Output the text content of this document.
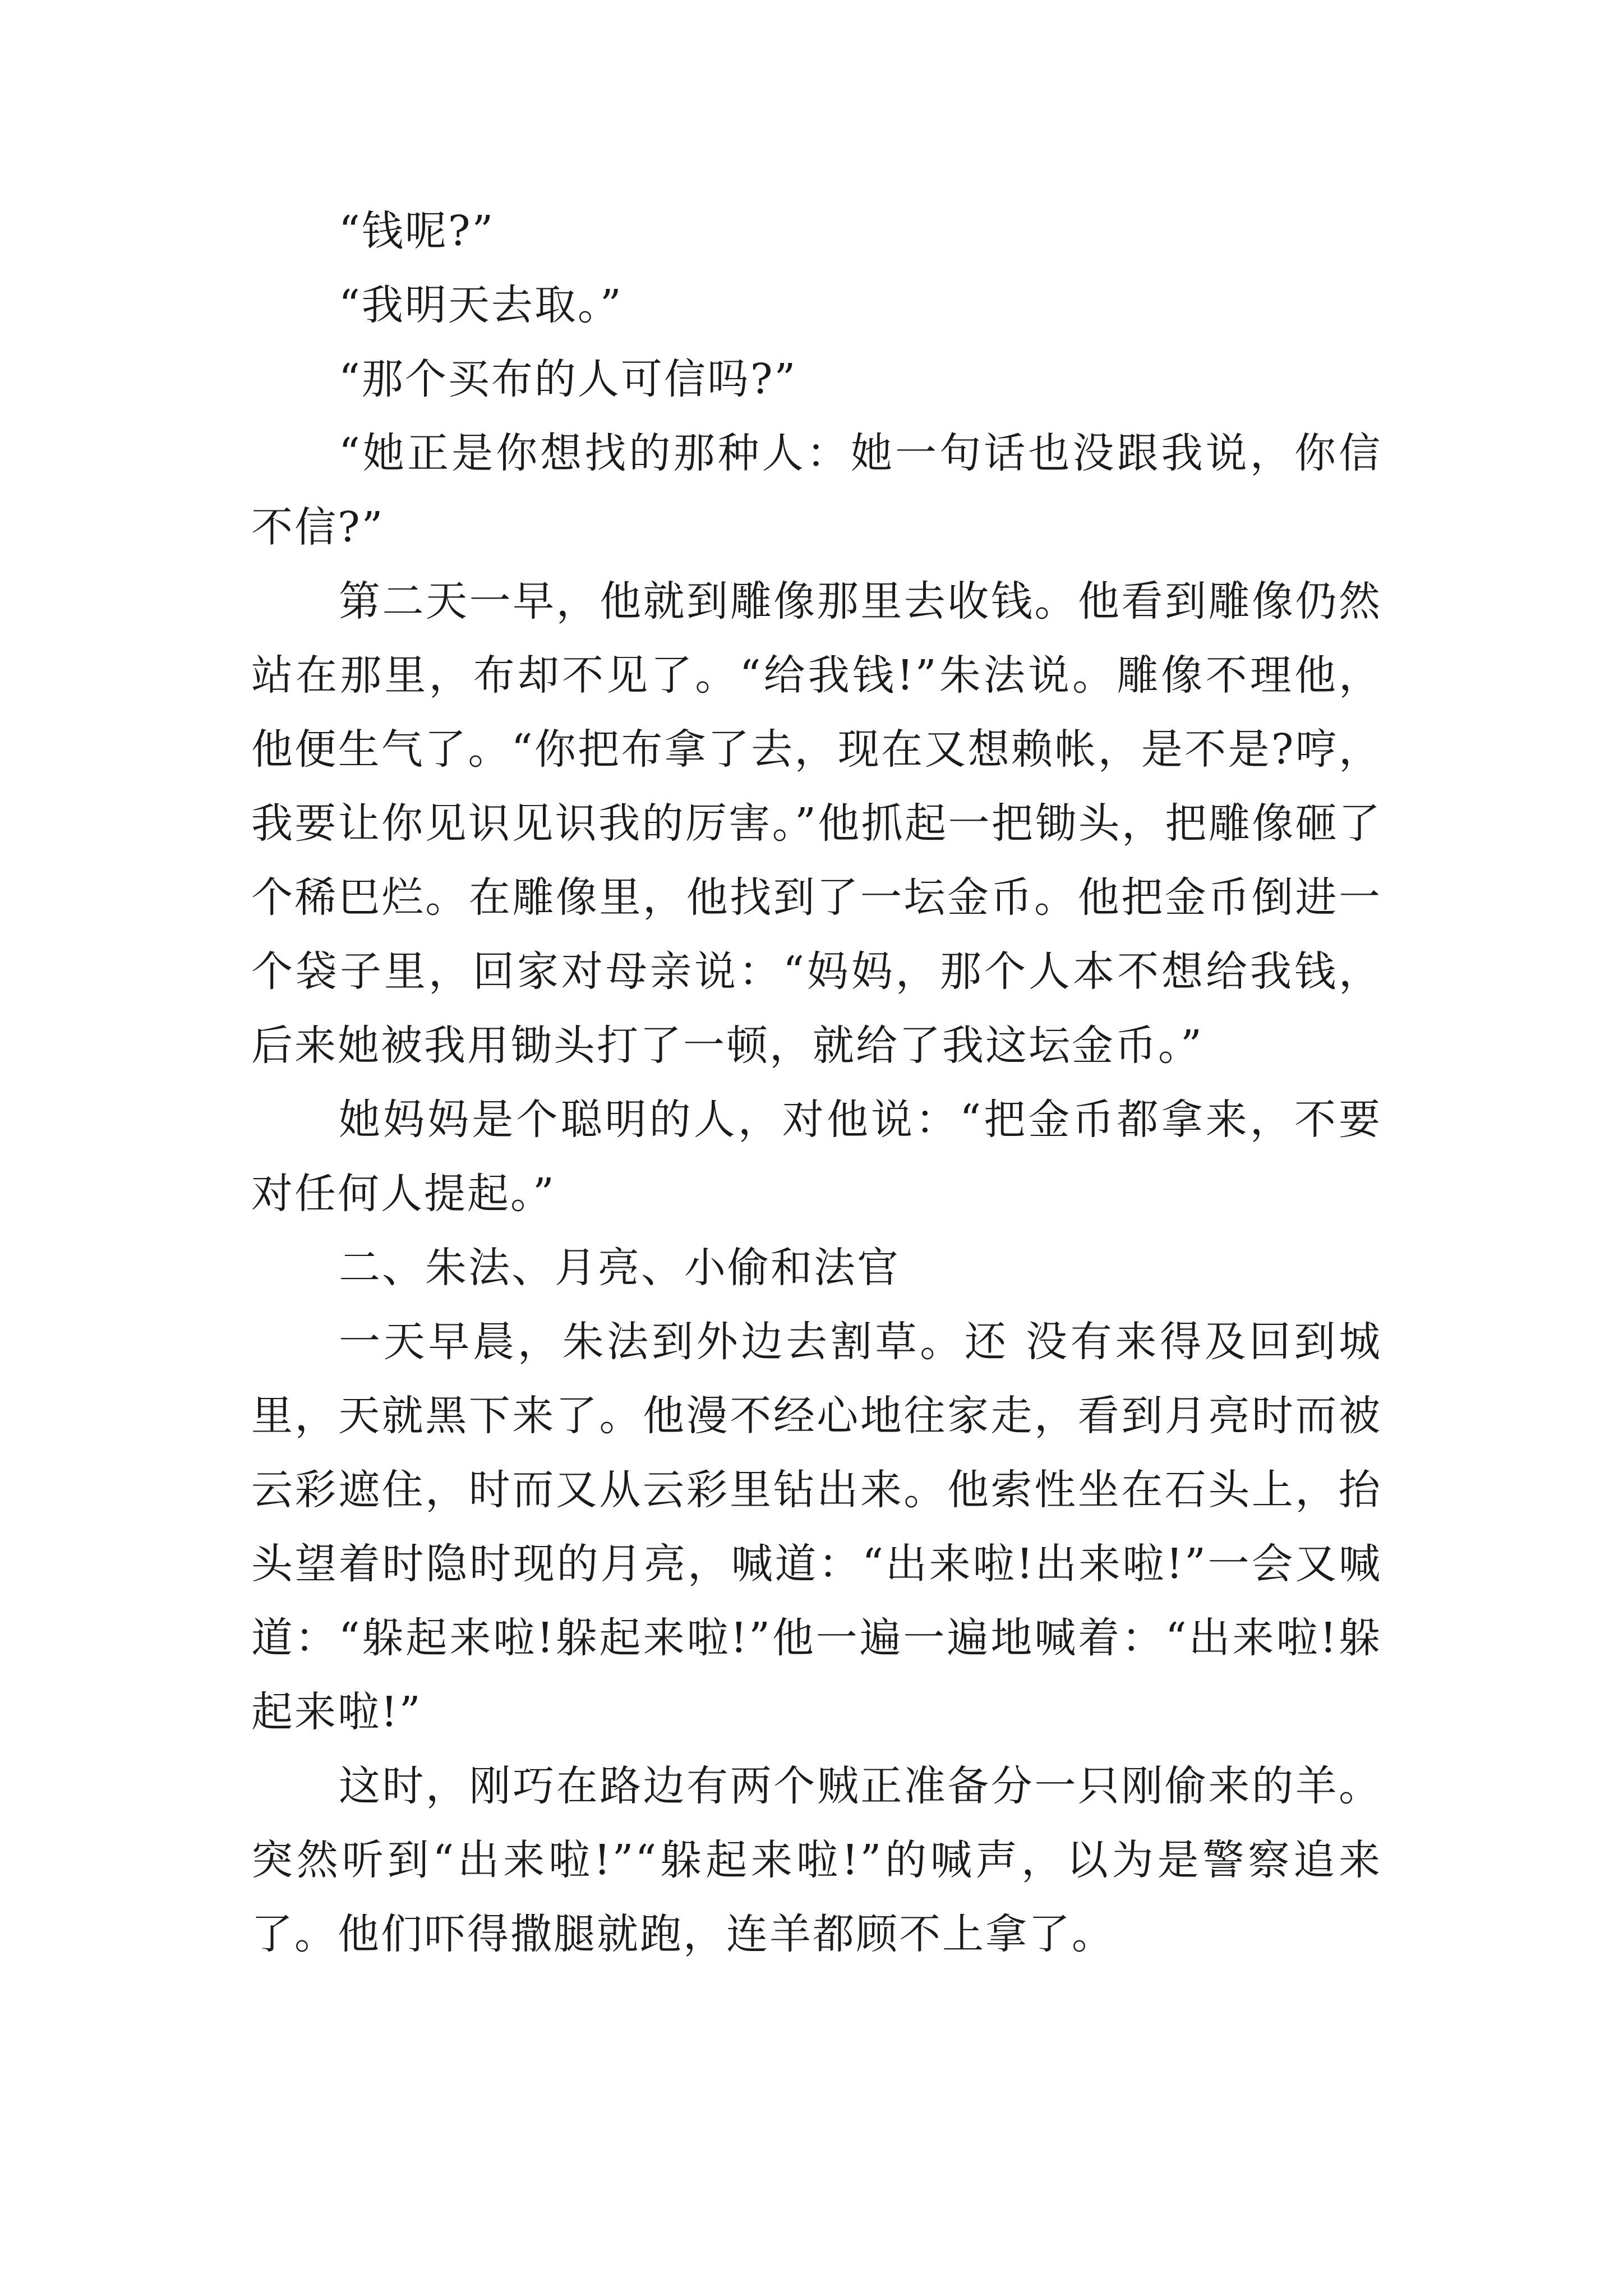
“钱呢?”

“我明天去取。”

“那个买布的人可信吗?”

“她正是你想找的那种人：她一句话也没跟我说，你信不信?”

第二天一早，他就到雕像那里去收钱。他看到雕像仍然站在那里，布却不见了。“给我钱!”朱法说。雕像不理他，他便生气了。“你把布拿了去，现在又想赖帐，是不是?哼，我要让你见识见识我的厉害。”他抓起一把锄头，把雕像砸了个稀巴烂。在雕像里，他找到了一坛金币。他把金币倒进一个袋子里，回家对母亲说：“妈妈，那个人本不想给我钱，后来她被我用锄头打了一顿，就给了我这坛金币。”

她妈妈是个聪明的人，对他说：“把金币都拿来，不要对任何人提起。”

二、朱法、月亮、小偷和法官

一天早晨，朱法到外边去割草。还 没有来得及回到城里，天就黑下来了。他漫不经心地往家走，看到月亮时而被云彩遮住，时而又从云彩里钻出来。他索性坐在石头上，抬头望着时隐时现的月亮，喊道：“出来啦!出来啦!”一会又喊道：“躲起来啦!躲起来啦!”他一遍一遍地喊着：“出来啦!躲起来啦!”

这时，刚巧在路边有两个贼正准备分一只刚偷来的羊。突然听到“出来啦!”“躲起来啦!”的喊声，以为是警察追来了。他们吓得撒腿就跑，连羊都顾不上拿了。
